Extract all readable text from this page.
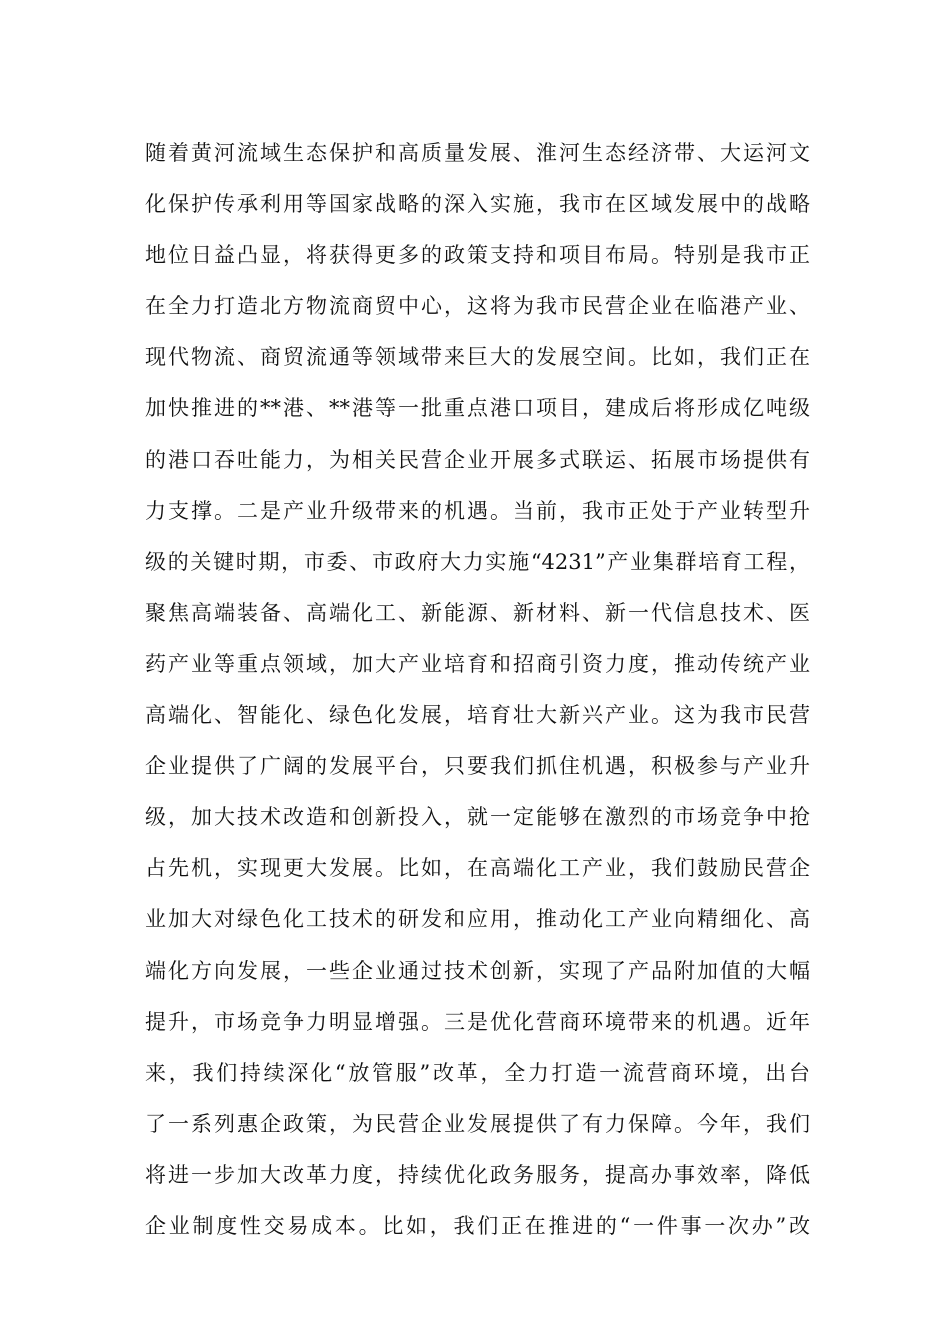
随着黄河流域生态保护和高质量发展、淮河生态经济带、大运河文
化保护传承利用等国家战略的深入实施，我市在区域发展中的战略
地位日益凸显，将获得更多的政策支持和项目布局。特别是我市正
在全力打造北方物流商贸中心，这将为我市民营企业在临港产业、
现代物流、商贸流通等领域带来巨大的发展空间。比如，我们正在
加快推进的**港、**港等一批重点港口项目，建成后将形成亿吨级
的港口吞吐能力，为相关民营企业开展多式联运、拓展市场提供有
力支撑。二是产业升级带来的机遇。当前，我市正处于产业转型升
级的关键时期，市委、市政府大力实施“4231”产业集群培育工程，
聚焦高端装备、高端化工、新能源、新材料、新一代信息技术、医
药产业等重点领域，加大产业培育和招商引资力度，推动传统产业
高端化、智能化、绿色化发展，培育壮大新兴产业。这为我市民营
企业提供了广阔的发展平台，只要我们抓住机遇，积极参与产业升
级，加大技术改造和创新投入，就一定能够在激烈的市场竞争中抢
占先机，实现更大发展。比如，在高端化工产业，我们鼓励民营企
业加大对绿色化工技术的研发和应用，推动化工产业向精细化、高
端化方向发展，一些企业通过技术创新，实现了产品附加值的大幅
提升，市场竞争力明显增强。三是优化营商环境带来的机遇。近年
来，我们持续深化“放管服”改革，全力打造一流营商环境，出台
了一系列惠企政策，为民营企业发展提供了有力保障。今年，我们
将进一步加大改革力度，持续优化政务服务，提高办事效率，降低
企业制度性交易成本。比如，我们正在推进的“一件事一次办”改
